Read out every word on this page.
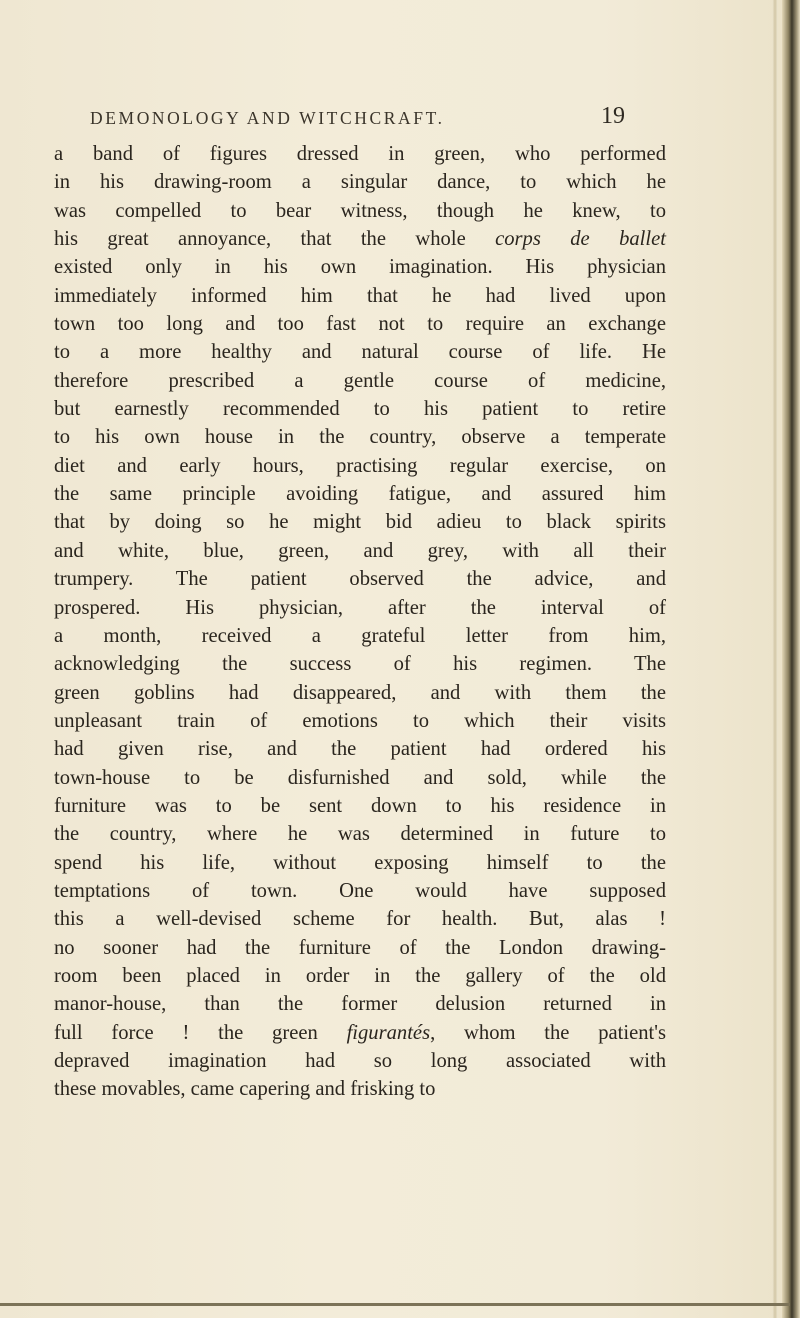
DEMONOLOGY AND WITCHCRAFT.	19
a band of figures dressed in green, who performed
in his drawing-room a singular dance, to which he
was compelled to bear witness, though he knew, to
his great annoyance, that the whole corps de ballet
existed only in his own imagination. His physician
immediately informed him that he had lived upon
town too long and too fast not to require an exchange
to a more healthy and natural course of life. He
therefore prescribed a gentle course of medicine,
but earnestly recommended to his patient to retire
to his own house in the country, observe a temperate
diet and early hours, practising regular exercise, on
the same principle avoiding fatigue, and assured him
that by doing so he might bid adieu to black spirits
and white, blue, green, and grey, with all their
trumpery. The patient observed the advice, and
prospered. His physician, after the interval of
a month, received a grateful letter from him,
acknowledging the success of his regimen. The
green goblins had disappeared, and with them the
unpleasant train of emotions to which their visits
had given rise, and the patient had ordered his
town-house to be disfurnished and sold, while the
furniture was to be sent down to his residence in
the country, where he was determined in future to
spend his life, without exposing himself to the
temptations of town. One would have supposed
this a well-devised scheme for health. But, alas !
no sooner had the furniture of the London drawing-
room been placed in order in the gallery of the old
manor-house, than the former delusion returned in
full force ! the green figurantés, whom the patient's
depraved imagination had so long associated with
these movables, came capering and frisking to
